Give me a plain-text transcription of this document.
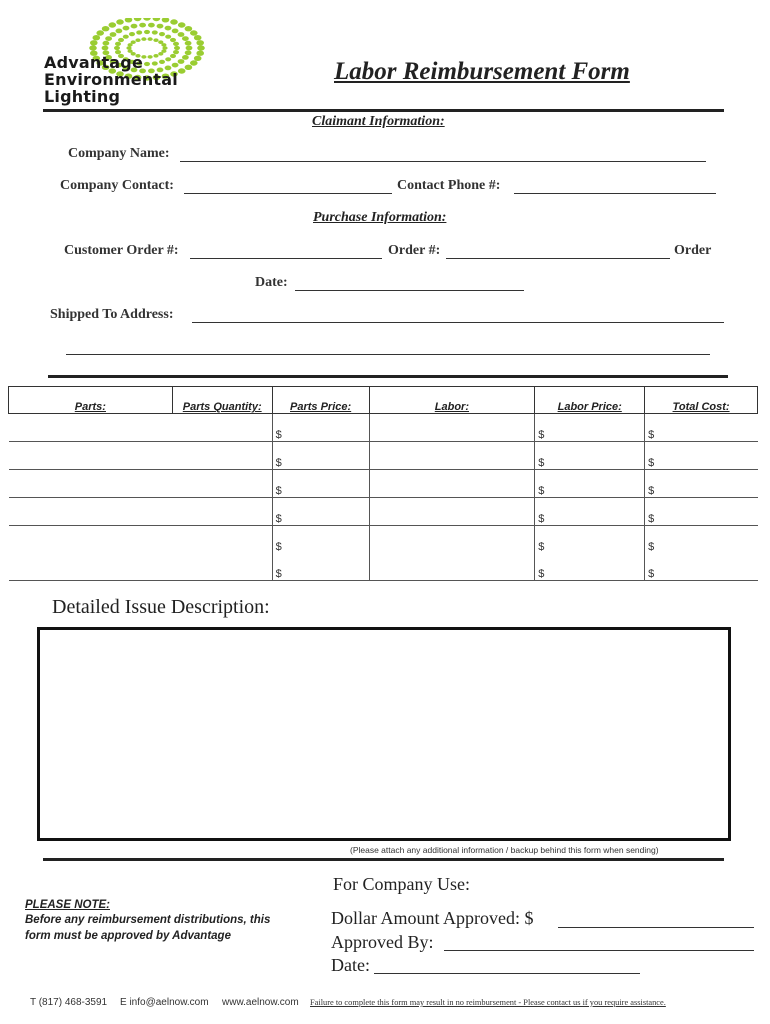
Advantage
Environmental
Lighting
Labor Reimbursement Form
Claimant Information:
Company Name:
Company Contact:	Contact Phone #:
Purchase Information:
Customer Order #:	Order #:	Order
Date:
Shipped To Address:
Parts:	Parts Quantity:	Parts Price:	Labor:	Labor Price:	Total Cost:
		$		$	$
		$		$	$
		$		$	$
		$		$	$
		$		$	$
		$		$	$
Detailed Issue Description:
(Please attach any additional information / backup behind this form when sending)
For Company Use:
Dollar Amount Approved: $
Approved By:
Date:
PLEASE NOTE:
Before any reimbursement distributions, this
form must be approved by Advantage
T (817) 468-3591 E info@aelnow.com www.aelnow.com Failure to complete this form may result in no reimbursement - Please contact us if you require assistance.
